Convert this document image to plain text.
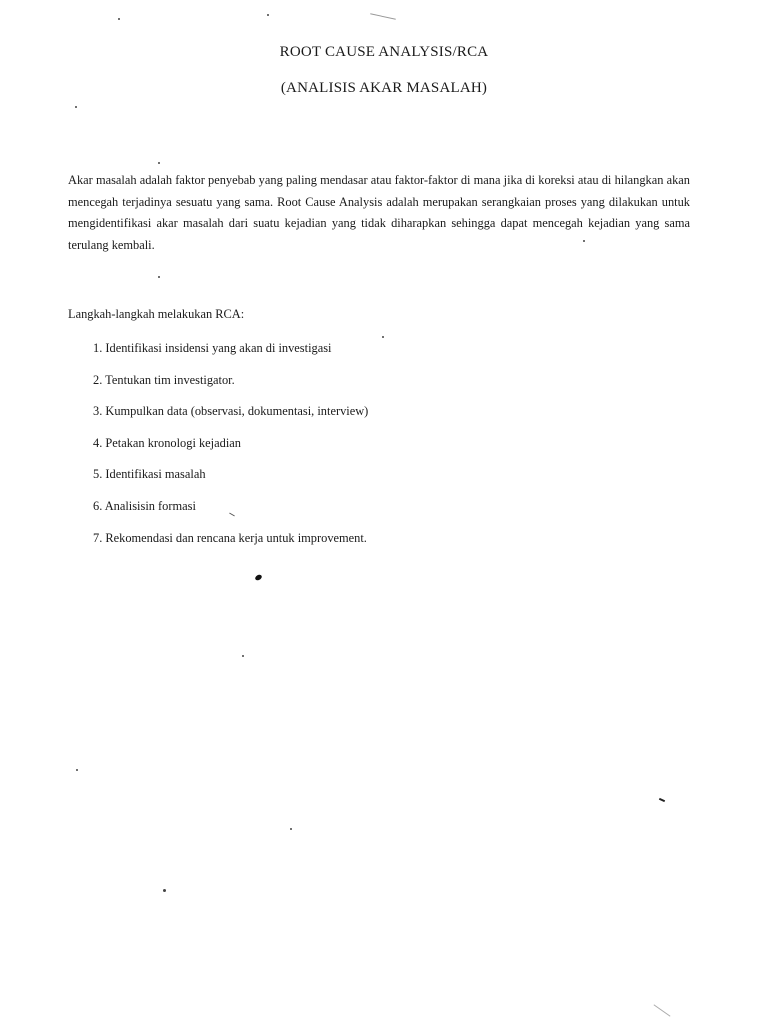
ROOT CAUSE ANALYSIS/RCA
(ANALISIS AKAR MASALAH)
Akar masalah adalah faktor penyebab yang paling mendasar atau faktor-faktor di mana jika di koreksi atau di hilangkan akan mencegah terjadinya sesuatu yang sama. Root Cause Analysis adalah merupakan serangkaian proses yang dilakukan untuk mengidentifikasi akar masalah dari suatu kejadian yang tidak diharapkan sehingga dapat mencegah kejadian yang sama terulang kembali.
Langkah-langkah melakukan RCA:
1. Identifikasi insidensi yang akan di investigasi
2. Tentukan tim investigator.
3. Kumpulkan data (observasi, dokumentasi, interview)
4. Petakan kronologi kejadian
5. Identifikasi masalah
6. Analisisin formasi
7. Rekomendasi dan rencana kerja untuk improvement.
